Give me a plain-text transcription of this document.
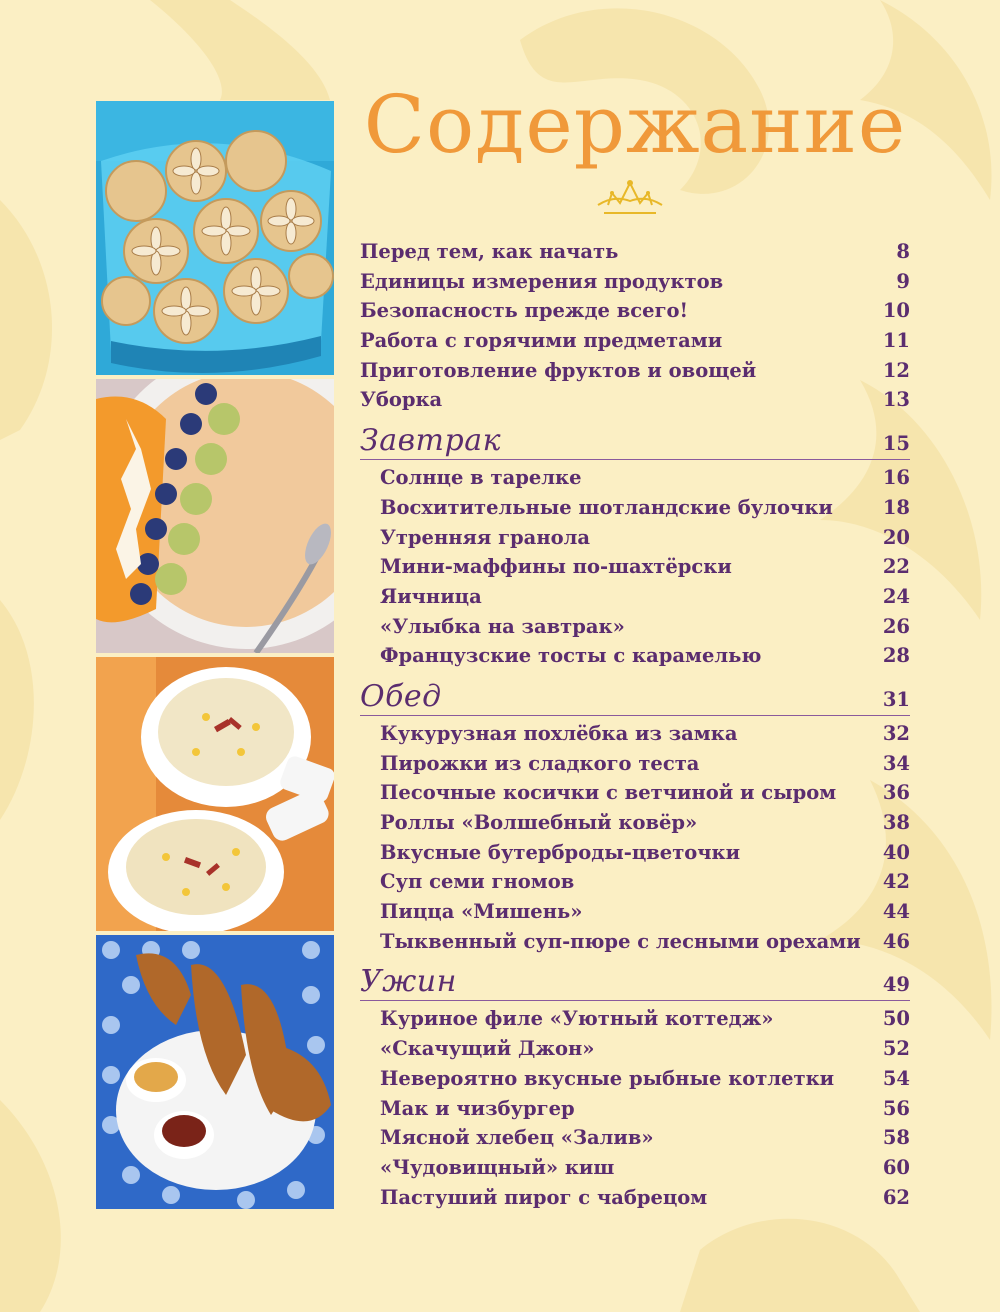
Содержание
Перед тем, как начать	8
Единицы измерения продуктов	9
Безопасность прежде всего!	10
Работа с горячими предметами	11
Приготовление фруктов и овощей	12
Уборка	13
Завтрак	15
Солнце в тарелке	16
Восхитительные шотландские булочки	18
Утренняя гранола	20
Мини-маффины по-шахтёрски	22
Яичница	24
«Улыбка на завтрак»	26
Французские тосты с карамелью	28
Обед	31
Кукурузная похлёбка из замка	32
Пирожки из сладкого теста	34
Песочные косички с ветчиной и сыром 36
Роллы «Волшебный ковёр»	38
Вкусные бутерброды-цветочки	40
Суп семи гномов	42
Пицца «Мишень»	44
Тыквенный суп-пюре с лесными орехами 46
Ужин	49
Куриное филе «Уютный коттедж»	50
«Скачущий Джон»	52
Невероятно вкусные рыбные котлетки 54
Мак и чизбургер	56
Мясной хлебец «Залив»	58
«Чудовищный» киш	60
Пастуший пирог с чабрецом	62
